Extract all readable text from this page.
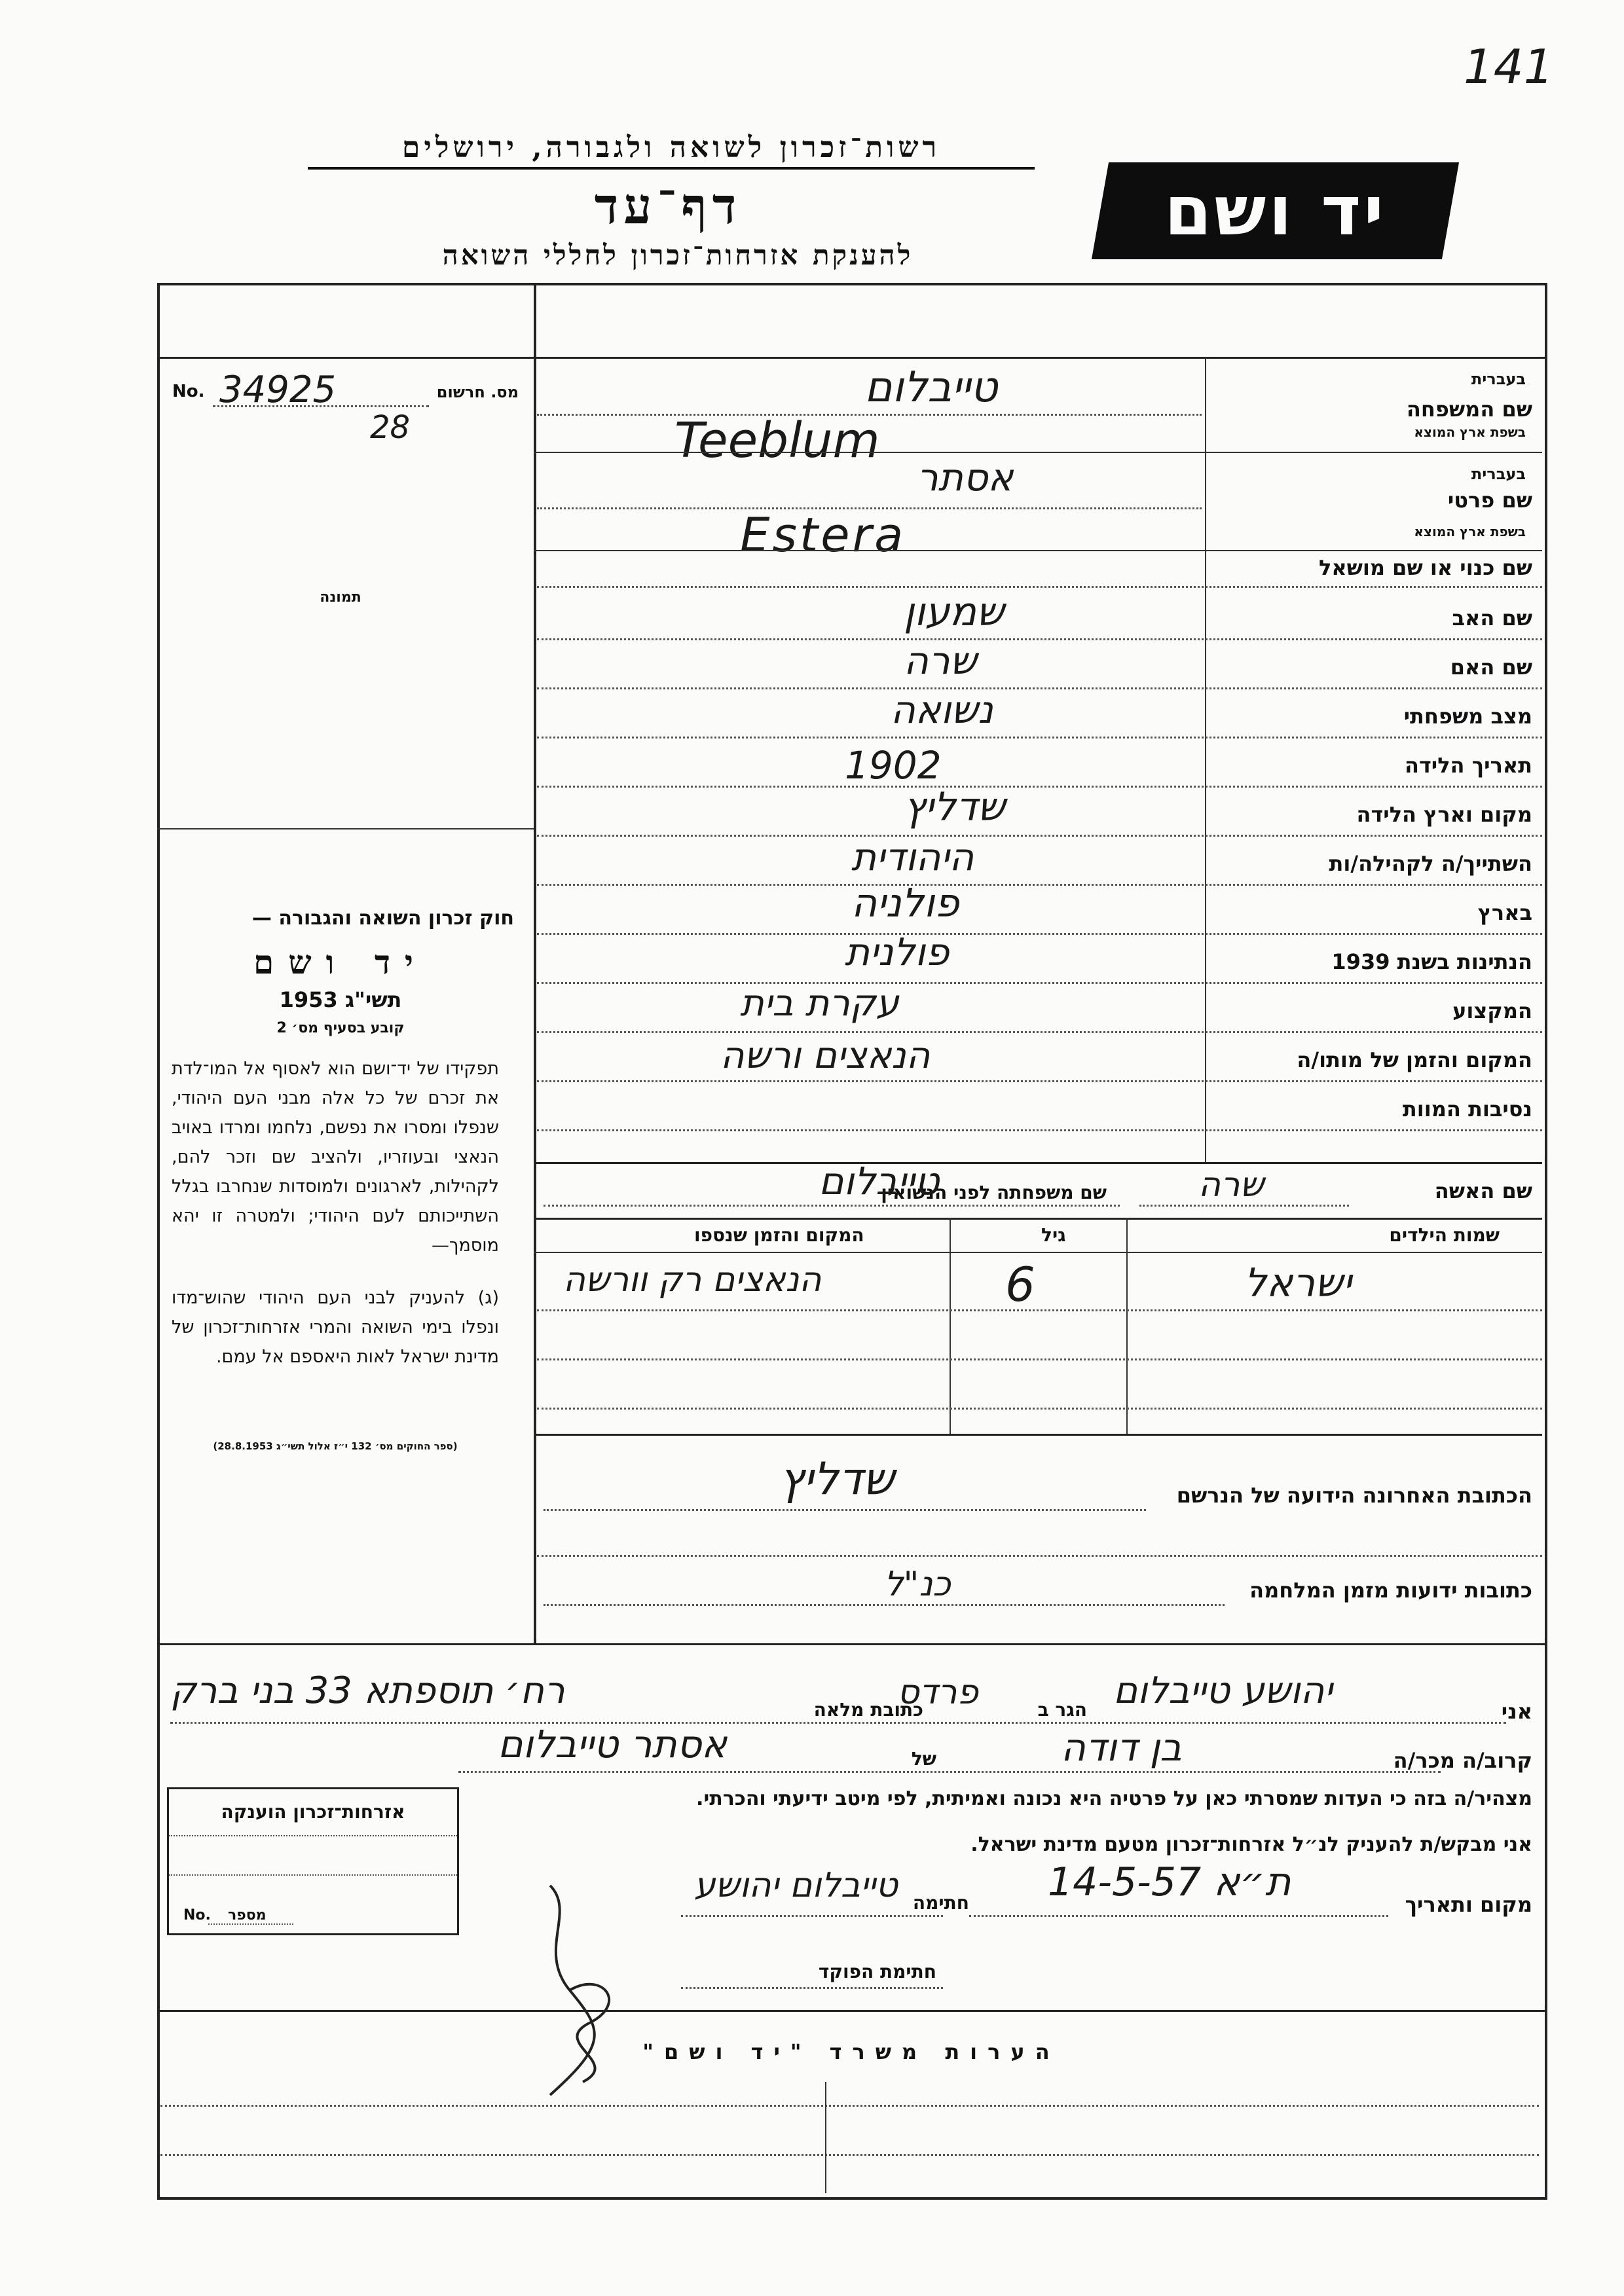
141
רשות־זכרון לשואה ולגבורה, ירושלים
דף־עד
להענקת אזרחות־זכרון לחללי השואה
יד ושם
No. 34925	מס. חרשום
28
תמונה
חוק זכרון השואה והגבורה —
יד ושם
תשי"ג 1953
קובע בסעיף מס׳ 2
תפקידו של יד־ושם הוא לאסוף אל המו־לדת את זכרם של כל אלה מבני העם היהודי, שנפלו ומסרו את נפשם, נלחמו ומרדו באויב הנאצי ובעוזריו, ולהציב שם וזכר להם, לקהילות, לארגונים ולמוסדות שנחרבו בגלל השתייכותם לעם היהודי; ולמטרה זו יהא מוסמך—
(ג) להעניק לבני העם היהודי שהוש־מדו ונפלו בימי השואה והמרי אזרחות־זכרון של מדינת ישראל לאות היאספם אל עמם.
(ספר החוקים מס׳ 132 י״ז אלול תשי״ג 28.8.1953)
שם המשפחה
בעברית
בשפת ארץ המוצא
טייבלום
Teeblum
שם פרטי
בעברית
בשפת ארץ המוצא
אסתר
Estera
שם כנוי או שם מושאל
שם האב
שמעון
שם האם
שרה
מצב משפחתי
נשואה
תאריך הלידה
1902
מקום וארץ הלידה
שדליץ
השתייך/ה לקהילה/ות
היהודית
בארץ
פולניה
הנתינות בשנת 1939
פולנית
המקצוע
עקרת בית
המקום והזמן של מותו/ה
הנאצים ורשה
נסיבות המוות
שם האשה
שרה
שם משפחתה לפני הנשואין
טייבלום
שמות הילדים
גיל
המקום והזמן שנספו
ישראל
6
הנאצים רק וורשה
הכתובת האחרונה הידועה של הנרשם
שדליץ
כתובות ידועות מזמן המלחמה
כנ"ל
אני
יהושע טייבלום
הגר ב
פרדס
כתובת מלאה
רח׳ תוספתא 33 בני ברק
קרוב/ה מכר/ה
בן דודה
של
אסתר טייבלום
מצהיר/ה בזה כי העדות שמסרתי כאן על פרטיה היא נכונה ואמיתית, לפי מיטב ידיעתי והכרתי.
אני מבקש/ת להעניק לנ״ל אזרחות־זכרון מטעם מדינת ישראל.
מקום ותאריך
ת״א 14-5-57
חתימה
טייבלום יהושע
חתימת הפוקד
אזרחות־זכרון הוענקה
No. מספר
הערות משרד "יד ושם"
